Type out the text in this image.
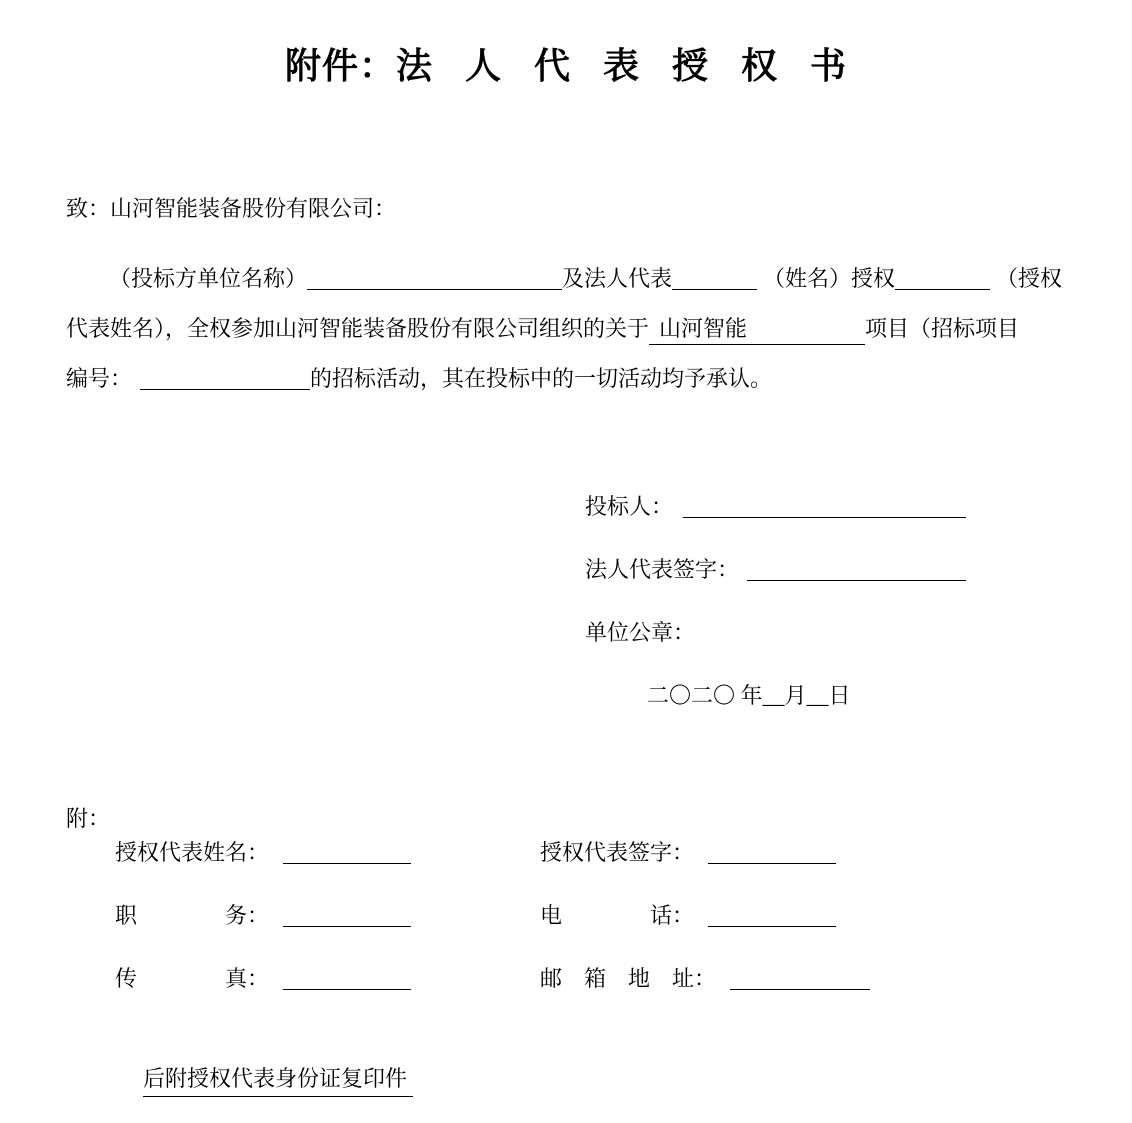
附件：法 人 代 表 授 权 书
致：山河智能装备股份有限公司：
（投标方单位名称）	及法人代表	（姓名）授权	（授权
代表姓名），全权参加山河智能装备股份有限公司组织的关于 山河智能	项目（招标项目
编号：	的招标活动，其在投标中的一切活动均予承认。
投标人：
法人代表签字：
单位公章：
二〇二〇 年__月__日
附：
授权代表姓名：	授权代表签字：
职　　　　务：	电　　　　话：
传　　　　真：	邮　箱　地　址：
后附授权代表身份证复印件
